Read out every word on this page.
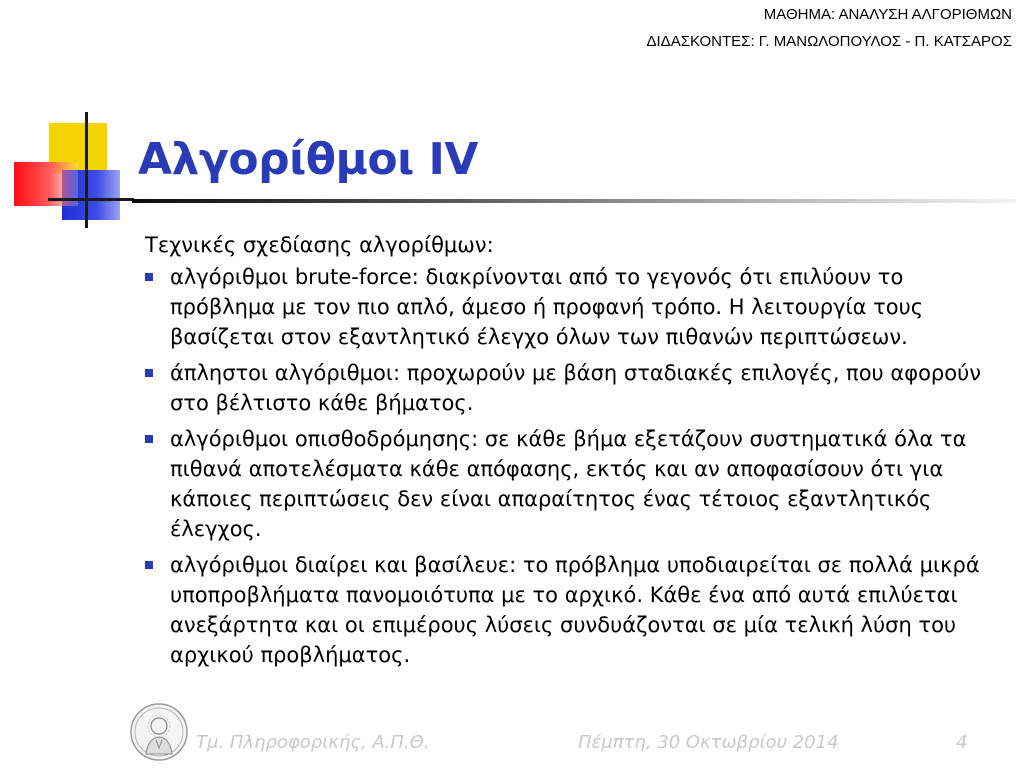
ΜΑΘΗΜΑ: ΑΝΑΛΥΣΗ ΑΛΓΟΡΙΘΜΩΝ
ΔΙΔΑΣΚΟΝΤΕΣ: Γ. ΜΑΝΩΛΟΠΟΥΛΟΣ - Π. ΚΑΤΣΑΡΟΣ
Αλγορίθμοι IV

Τεχνικές σχεδίασης αλγορίθμων:

αλγόριθμοι brute-force: διακρίνονται από το γεγονός ότι επιλύουν το πρόβλημα με τον πιο απλό, άμεσο ή προφανή τρόπο. Η λειτουργία τους βασίζεται στον εξαντλητικό έλεγχο όλων των πιθανών περιπτώσεων.
άπληστοι αλγόριθμοι: προχωρούν με βάση σταδιακές επιλογές, που αφορούν στο βέλτιστο κάθε βήματος.
αλγόριθμοι οπισθοδρόμησης: σε κάθε βήμα εξετάζουν συστηματικά όλα τα πιθανά αποτελέσματα κάθε απόφασης, εκτός και αν αποφασίσουν ότι για κάποιες περιπτώσεις δεν είναι απαραίτητος ένας τέτοιος εξαντλητικός έλεγχος.
αλγόριθμοι διαίρει και βασίλευε: το πρόβλημα υποδιαιρείται σε πολλά μικρά υποπροβλήματα πανομοιότυπα με το αρχικό. Κάθε ένα από αυτά επιλύεται ανεξάρτητα και οι επιμέρους λύσεις συνδυάζονται σε μία τελική λύση του αρχικού προβλήματος.
Τμ. Πληροφορικής, Α.Π.Θ.	Πέμπτη, 30 Οκτωβρίου 2014	4
